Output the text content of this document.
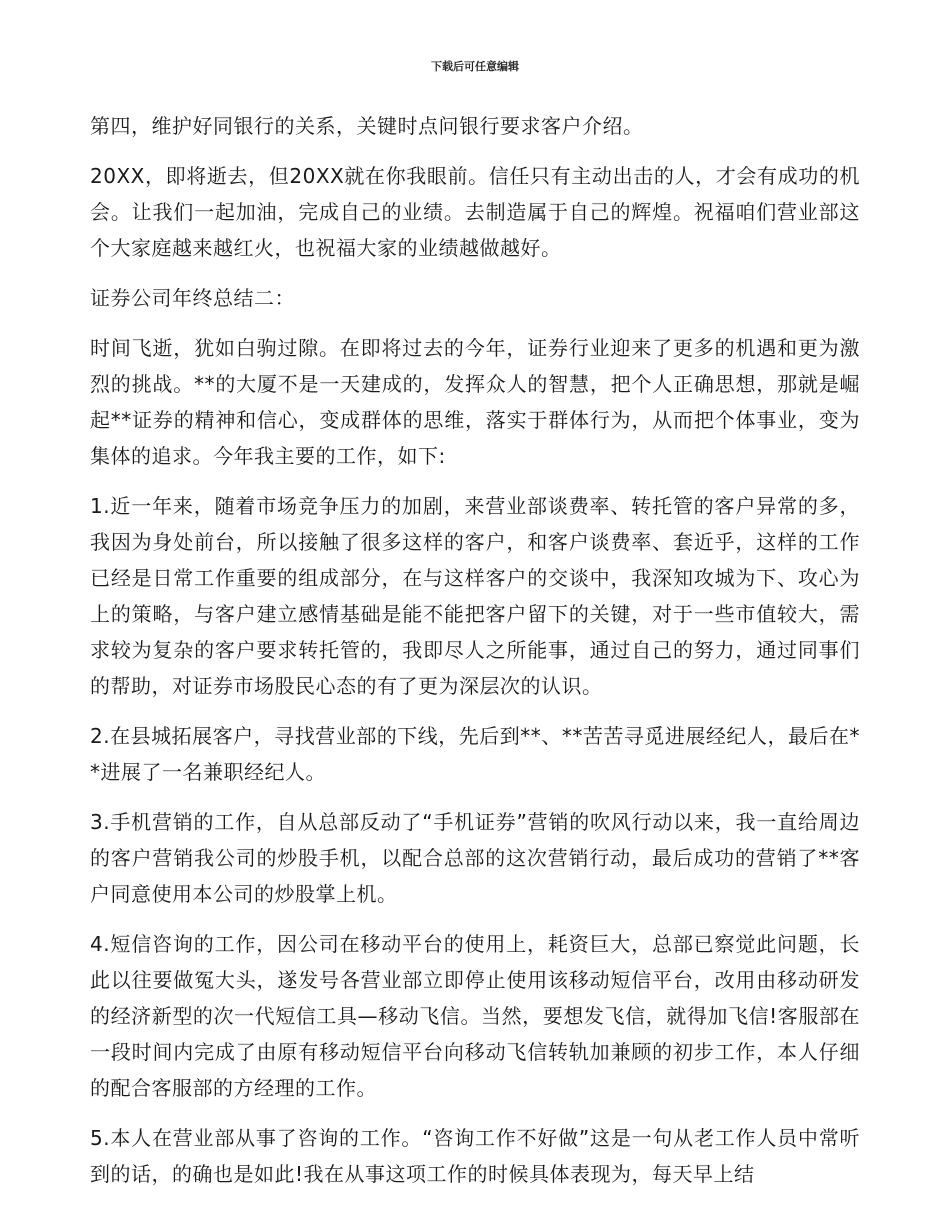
下载后可任意编辑

第四，维护好同银行的关系，关键时点问银行要求客户介绍。

20XX，即将逝去，但20XX就在你我眼前。信任只有主动出击的人，才会有成功的机会。让我们一起加油，完成自己的业绩。去制造属于自己的辉煌。祝福咱们营业部这个大家庭越来越红火，也祝福大家的业绩越做越好。

证券公司年终总结二：

时间飞逝，犹如白驹过隙。在即将过去的今年，证券行业迎来了更多的机遇和更为激烈的挑战。**的大厦不是一天建成的，发挥众人的智慧，把个人正确思想，那就是崛起**证券的精神和信心，变成群体的思维，落实于群体行为，从而把个体事业，变为集体的追求。今年我主要的工作，如下:

1.近一年来，随着市场竞争压力的加剧，来营业部谈费率、转托管的客户异常的多，我因为身处前台，所以接触了很多这样的客户，和客户谈费率、套近乎，这样的工作已经是日常工作重要的组成部分，在与这样客户的交谈中，我深知攻城为下、攻心为上的策略，与客户建立感情基础是能不能把客户留下的关键，对于一些市值较大，需求较为复杂的客户要求转托管的，我即尽人之所能事，通过自己的努力，通过同事们的帮助，对证券市场股民心态的有了更为深层次的认识。

2.在县城拓展客户，寻找营业部的下线，先后到**、**苦苦寻觅进展经纪人，最后在**进展了一名兼职经纪人。

3.手机营销的工作，自从总部反动了“手机证券”营销的吹风行动以来，我一直给周边的客户营销我公司的炒股手机，以配合总部的这次营销行动，最后成功的营销了**客户同意使用本公司的炒股掌上机。

4.短信咨询的工作，因公司在移动平台的使用上，耗资巨大，总部已察觉此问题，长此以往要做冤大头，遂发号各营业部立即停止使用该移动短信平台，改用由移动研发的经济新型的次一代短信工具—移动飞信。当然，要想发飞信，就得加飞信!客服部在一段时间内完成了由原有移动短信平台向移动飞信转轨加兼顾的初步工作，本人仔细的配合客服部的方经理的工作。

5.本人在营业部从事了咨询的工作。“咨询工作不好做”这是一句从老工作人员中常听到的话，的确也是如此!我在从事这项工作的时候具体表现为，每天早上结
